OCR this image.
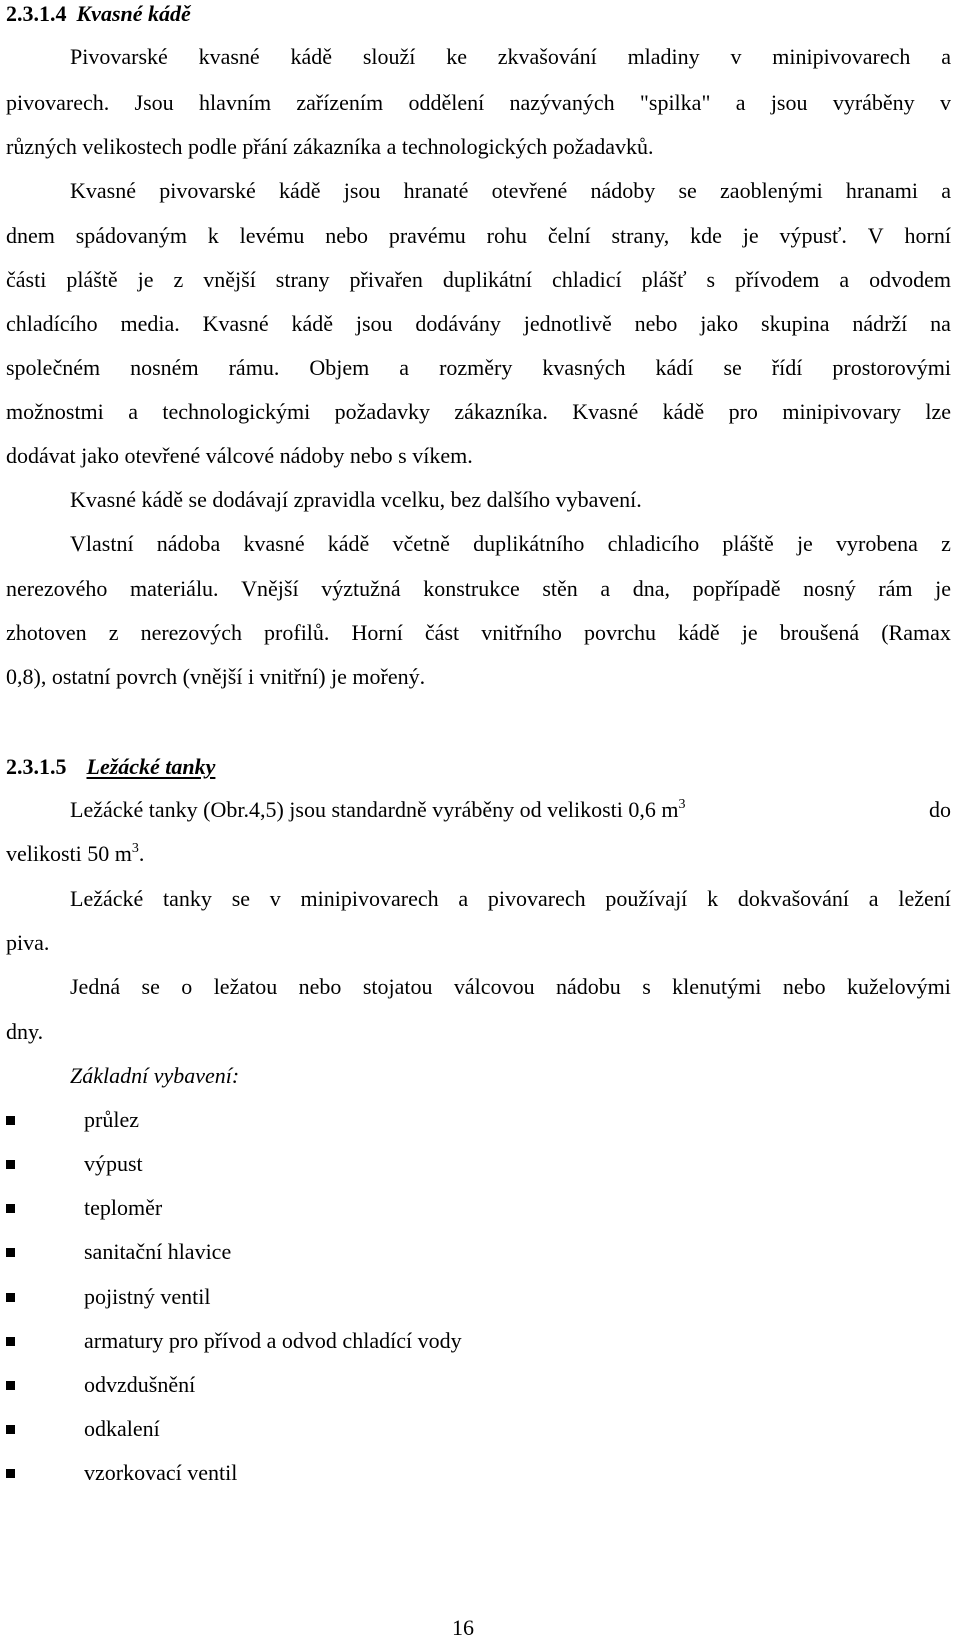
2.3.1.4 Kvasné kádě
Pivovarské kvasné kádě slouží ke zkvašování mladiny v minipivovarech a
pivovarech. Jsou hlavním zařízením oddělení nazývaných "spilka" a jsou vyráběny v
různých velikostech podle přání zákazníka a technologických požadavků.
Kvasné pivovarské kádě jsou hranaté otevřené nádoby se zaoblenými hranami a
dnem spádovaným k levému nebo pravému rohu čelní strany, kde je výpusť. V horní
části pláště je z vnější strany přivařen duplikátní chladicí plášť s přívodem a odvodem
chladícího media. Kvasné kádě jsou dodávány jednotlivě nebo jako skupina nádrží na
společném nosném rámu. Objem a rozměry kvasných kádí se řídí prostorovými
možnostmi a technologickými požadavky zákazníka. Kvasné kádě pro minipivovary lze
dodávat jako otevřené válcové nádoby nebo s víkem.
Kvasné kádě se dodávají zpravidla vcelku, bez dalšího vybavení.
Vlastní nádoba kvasné kádě včetně duplikátního chladicího pláště je vyrobena z
nerezového materiálu. Vnější výztužná konstrukce stěn a dna, popřípadě nosný rám je
zhotoven z nerezových profilů. Horní část vnitřního povrchu kádě je broušená (Ramax
0,8), ostatní povrch (vnější i vnitřní) je mořený.
2.3.1.5 Ležácké tanky
Ležácké tanky (Obr.4,5) jsou standardně vyráběny od velikosti 0,6 $m^3$	do
velikosti 50 $m^3$.
Ležácké tanky se v minipivovarech a pivovarech používají k dokvašování a ležení
piva.
Jedná se o ležatou nebo stojatou válcovou nádobu s klenutými nebo kuželovými
dny.
Základní vybavení:
průlez
výpust
teploměr
sanitační hlavice
pojistný ventil
armatury pro přívod a odvod chladící vody
odvzdušnění
odkalení
vzorkovací ventil
16
